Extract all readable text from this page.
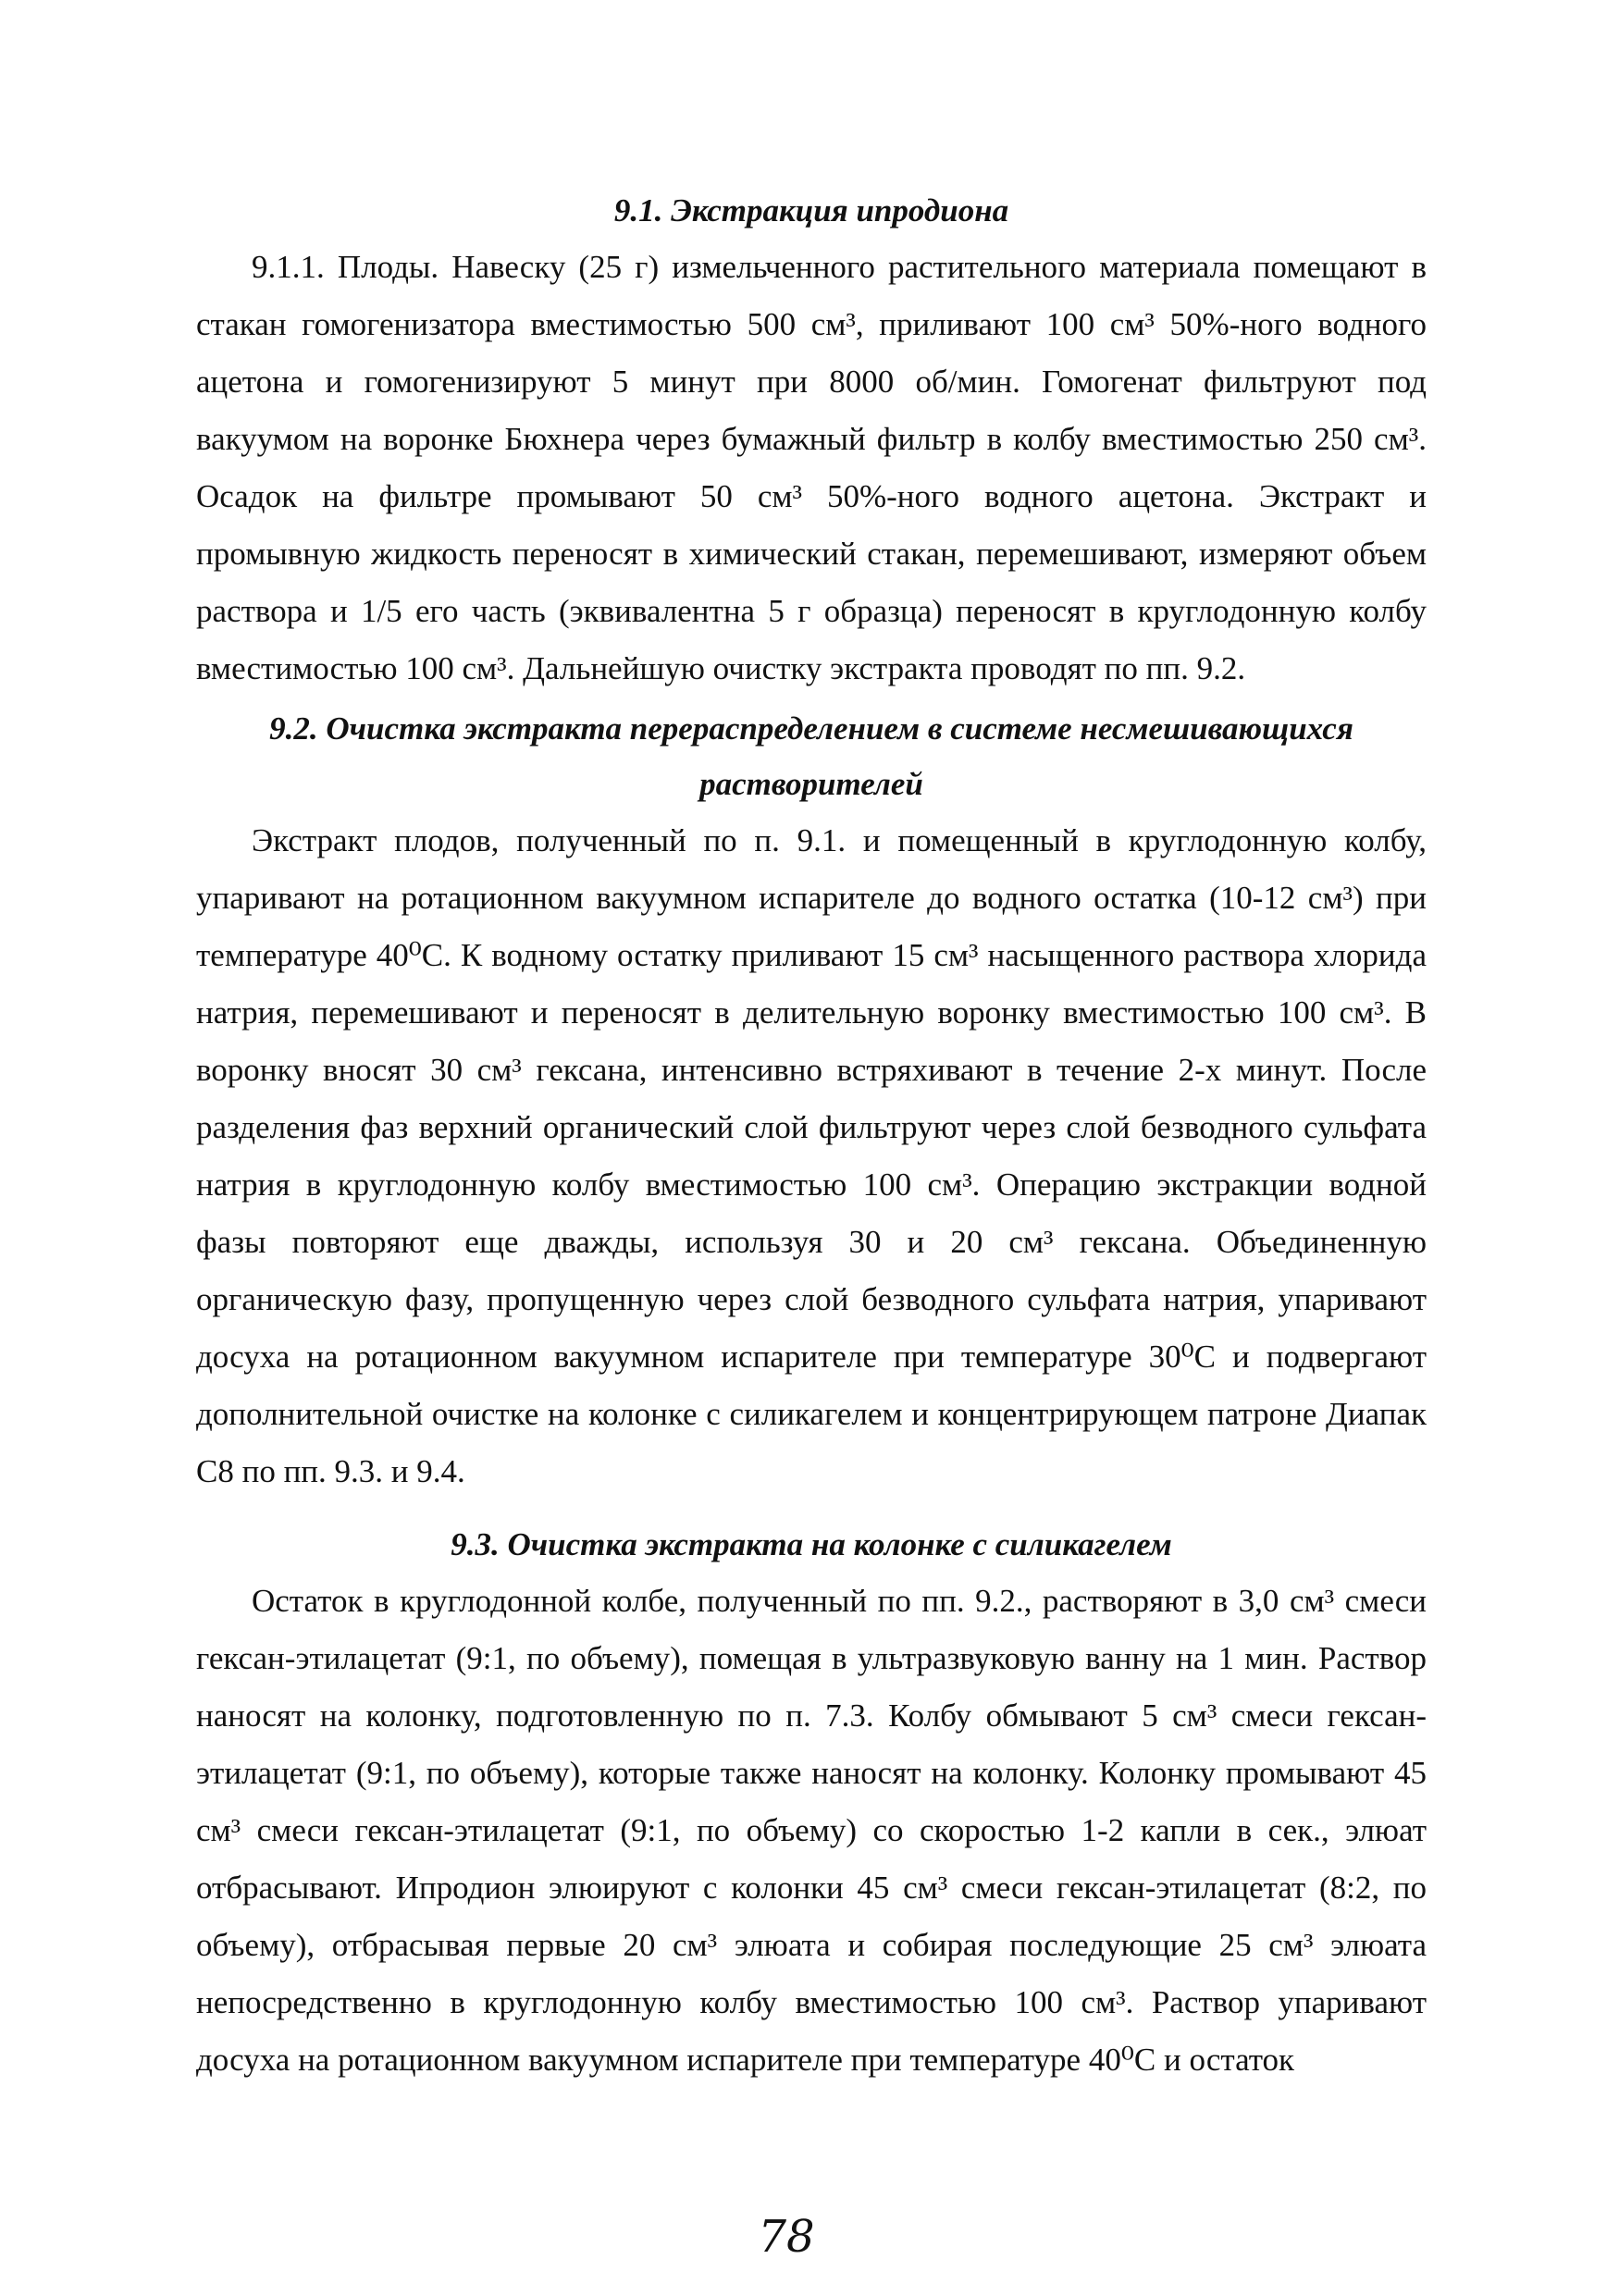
9.1. Экстракция ипродиона

9.1.1. Плоды. Навеску (25 г) измельченного растительного материала помещают в стакан гомогенизатора вместимостью 500 см³, приливают 100 см³ 50%-ного водного ацетона и гомогенизируют 5 минут при 8000 об/мин. Гомогенат фильтруют под вакуумом на воронке Бюхнера через бумажный фильтр в колбу вместимостью 250 см³. Осадок на фильтре промывают 50 см³ 50%-ного водного ацетона. Экстракт и промывную жидкость переносят в химический стакан, перемешивают, измеряют объем раствора и 1/5 его часть (эквивалентна 5 г образца) переносят в круглодонную колбу вместимостью 100 см³. Дальнейшую очистку экстракта проводят по пп. 9.2.

9.2. Очистка экстракта перераспределением в системе несмешивающихся

растворителей

Экстракт плодов, полученный по п. 9.1. и помещенный в круглодонную колбу, упаривают на ротационном вакуумном испарителе до водного остатка (10-12 см³) при температуре 40⁰С. К водному остатку приливают 15 см³ насыщенного раствора хлорида натрия, перемешивают и переносят в делительную воронку вместимостью 100 см³. В воронку вносят 30 см³ гексана, интенсивно встряхивают в течение 2-х минут. После разделения фаз верхний органический слой фильтруют через слой безводного сульфата натрия в круглодонную колбу вместимостью 100 см³. Операцию экстракции водной фазы повторяют еще дважды, используя 30 и 20 см³ гексана. Объединенную органическую фазу, пропущенную через слой безводного сульфата натрия, упаривают досуха на ротационном вакуумном испарителе при температуре 30⁰С и подвергают дополнительной очистке на колонке с силикагелем и концентрирующем патроне Диапак С8 по пп. 9.3. и 9.4.

9.3. Очистка экстракта на колонке с силикагелем

Остаток в круглодонной колбе, полученный по пп. 9.2., растворяют в 3,0 см³ смеси гексан-этилацетат (9:1, по объему), помещая в ультразвуковую ванну на 1 мин. Раствор наносят на колонку, подготовленную по п. 7.3. Колбу обмывают 5 см³ смеси гексан-этилацетат (9:1, по объему), которые также наносят на колонку. Колонку промывают 45 см³ смеси гексан-этилацетат (9:1, по объему) со скоростью 1-2 капли в сек., элюат отбрасывают. Ипродион элюируют с колонки 45 см³ смеси гексан-этилацетат (8:2, по объему), отбрасывая первые 20 см³ элюата и собирая последующие 25 см³ элюата непосредственно в круглодонную колбу вместимостью 100 см³. Раствор упаривают досуха на ротационном вакуумном испарителе при температуре 40⁰С и остаток

78
